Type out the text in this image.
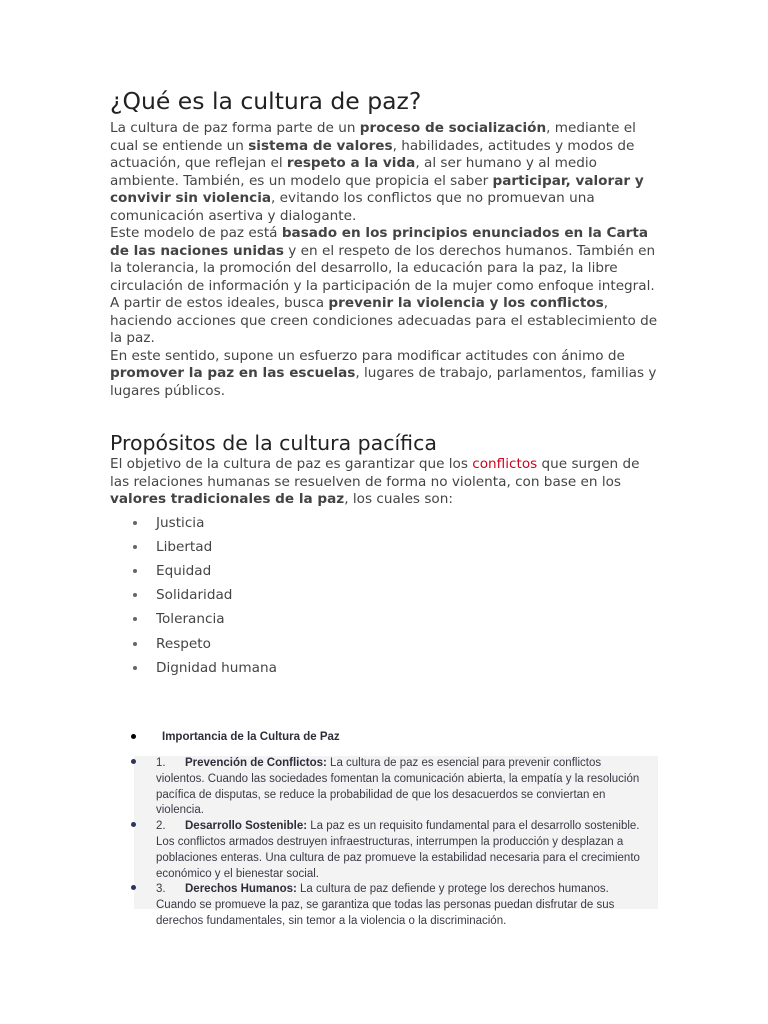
¿Qué es la cultura de paz?

La cultura de paz forma parte de un proceso de socialización, mediante el cual se entiende un sistema de valores, habilidades, actitudes y modos de actuación, que reflejan el respeto a la vida, al ser humano y al medio ambiente. También, es un modelo que propicia el saber participar, valorar y convivir sin violencia, evitando los conflictos que no promuevan una comunicación asertiva y dialogante.

Este modelo de paz está basado en los principios enunciados en la Carta de las naciones unidas y en el respeto de los derechos humanos. También en la tolerancia, la promoción del desarrollo, la educación para la paz, la libre circulación de información y la participación de la mujer como enfoque integral.

A partir de estos ideales, busca prevenir la violencia y los conflictos, haciendo acciones que creen condiciones adecuadas para el establecimiento de la paz.

En este sentido, supone un esfuerzo para modificar actitudes con ánimo de promover la paz en las escuelas, lugares de trabajo, parlamentos, familias y lugares públicos.

Propósitos de la cultura pacífica

El objetivo de la cultura de paz es garantizar que los conflictos que surgen de las relaciones humanas se resuelven de forma no violenta, con base en los valores tradicionales de la paz, los cuales son:

Justicia
Libertad
Equidad
Solidaridad
Tolerancia
Respeto
Dignidad humana
Importancia de la Cultura de Paz
1. Prevención de Conflictos: La cultura de paz es esencial para prevenir conflictos violentos. Cuando las sociedades fomentan la comunicación abierta, la empatía y la resolución pacífica de disputas, se reduce la probabilidad de que los desacuerdos se conviertan en violencia.
2. Desarrollo Sostenible: La paz es un requisito fundamental para el desarrollo sostenible. Los conflictos armados destruyen infraestructuras, interrumpen la producción y desplazan a poblaciones enteras. Una cultura de paz promueve la estabilidad necesaria para el crecimiento económico y el bienestar social.
3. Derechos Humanos: La cultura de paz defiende y protege los derechos humanos. Cuando se promueve la paz, se garantiza que todas las personas puedan disfrutar de sus derechos fundamentales, sin temor a la violencia o la discriminación.
